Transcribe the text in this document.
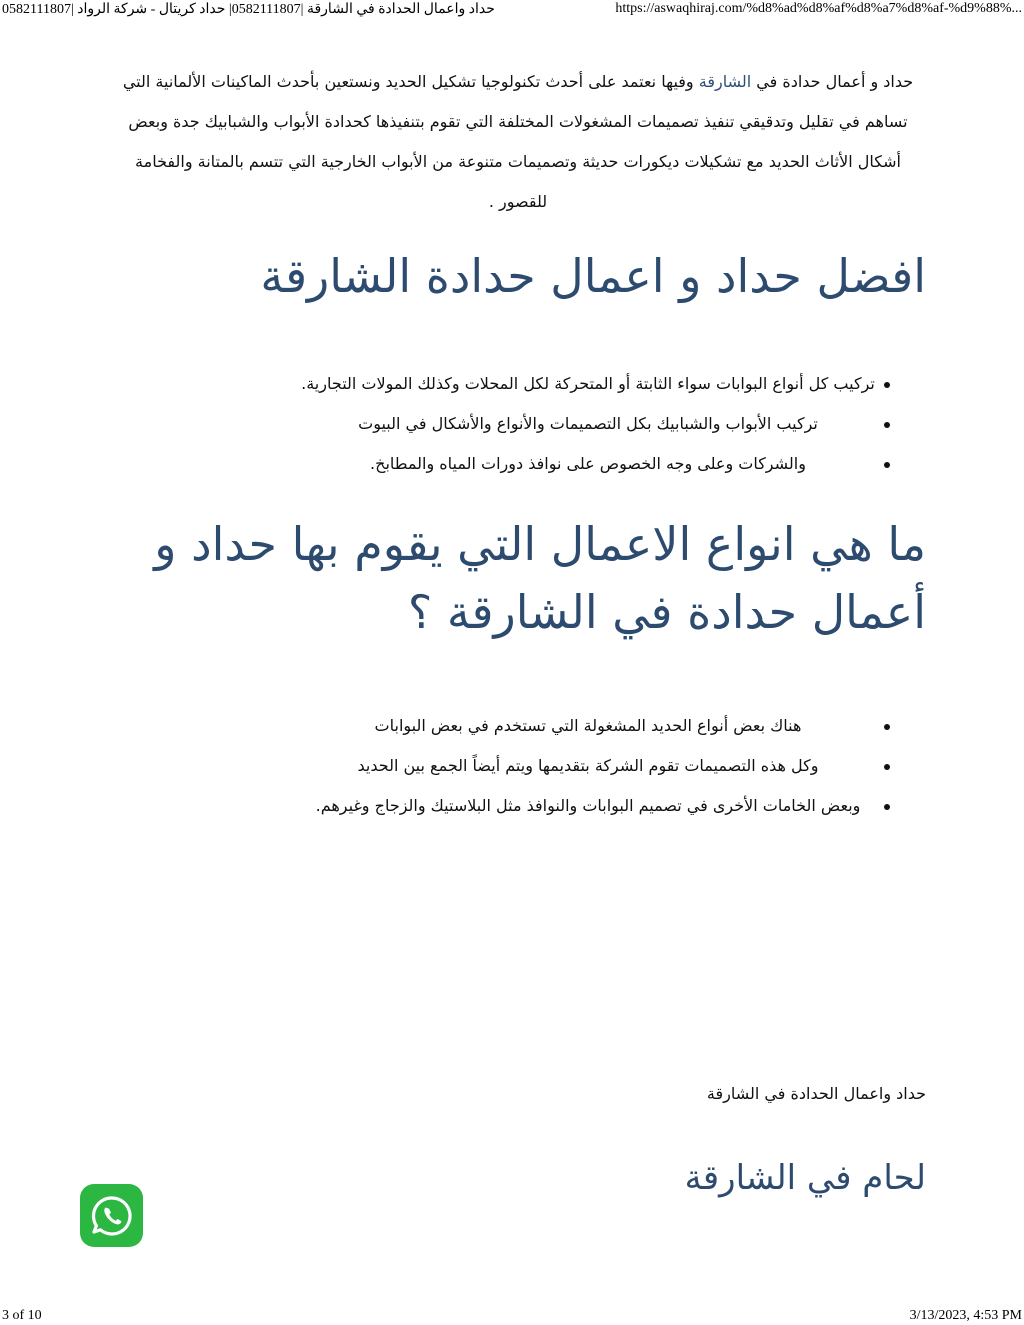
حداد واعمال الحدادة في الشارقة |0582111807| حداد كريتال - شركة الرواد |0582111807	https://aswaqhiraj.com/%d8%ad%d8%af%d8%a7%d8%af-%d9%88%...

حداد و أعمال حدادة في الشارقة وفيها نعتمد على أحدث تكنولوجيا تشكيل الحديد ونستعين بأحدث الماكينات الألمانية التي تساهم في تقليل وتدقيقي تنفيذ تصميمات المشغولات المختلفة التي تقوم بتنفيذها كحدادة الأبواب والشبابيك جدة وبعض أشكال الأثاث الحديد مع تشكيلات ديكورات حديثة وتصميمات متنوعة من الأبواب الخارجية التي تتسم بالمتانة والفخامة للقصور .

افضل حداد و اعمال حدادة الشارقة
تركيب كل أنواع البوابات سواء الثابتة أو المتحركة لكل المحلات وكذلك المولات التجارية.
تركيب الأبواب والشبابيك بكل التصميمات والأنواع والأشكال في البيوت
والشركات وعلى وجه الخصوص على نوافذ دورات المياه والمطابخ.
ما هي انواع الاعمال التي يقوم بها حداد و أعمال حدادة في الشارقة ؟
هناك بعض أنواع الحديد المشغولة التي تستخدم في بعض البوابات
وكل هذه التصميمات تقوم الشركة بتقديمها ويتم أيضاً الجمع بين الحديد
وبعض الخامات الأخرى في تصميم البوابات والنوافذ مثل البلاستيك والزجاج وغيرهم.
حداد واعمال الحدادة في الشارقة
لحام في الشارقة
3 of 10	3/13/2023, 4:53 PM
